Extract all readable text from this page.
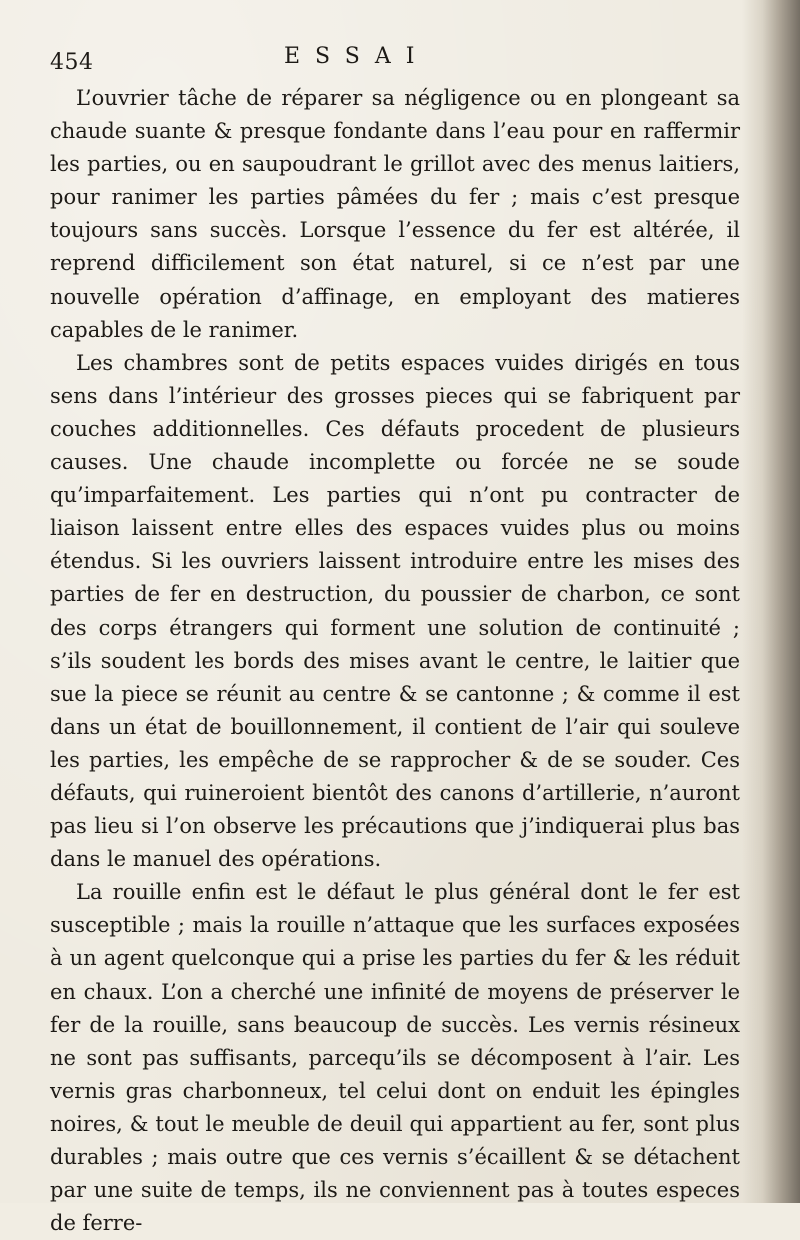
454	ESSAI

L’ouvrier tâche de réparer sa négligence ou en plongeant sa chaude suante & presque fondante dans l’eau pour en raffermir les parties, ou en saupoudrant le grillot avec des menus laitiers, pour ranimer les parties pâmées du fer ; mais c’est presque toujours sans succès. Lorsque l’essence du fer est altérée, il reprend difficilement son état naturel, si ce n’est par une nouvelle opération d’affinage, en employant des matieres capables de le ranimer.

Les chambres sont de petits espaces vuides dirigés en tous sens dans l’intérieur des grosses pieces qui se fabriquent par couches additionnelles. Ces défauts procedent de plusieurs causes. Une chaude incomplette ou forcée ne se soude qu’imparfaitement. Les parties qui n’ont pu contracter de liaison laissent entre elles des espaces vuides plus ou moins étendus. Si les ouvriers laissent introduire entre les mises des parties de fer en destruction, du poussier de charbon, ce sont des corps étrangers qui forment une solution de continuité ; s’ils soudent les bords des mises avant le centre, le laitier que sue la piece se réunit au centre & se cantonne ; & comme il est dans un état de bouillonnement, il contient de l’air qui souleve les parties, les empêche de se rapprocher & de se souder. Ces défauts, qui ruineroient bientôt des canons d’artillerie, n’auront pas lieu si l’on observe les précautions que j’indiquerai plus bas dans le manuel des opérations.

La rouille enfin est le défaut le plus général dont le fer est susceptible ; mais la rouille n’attaque que les surfaces exposées à un agent quelconque qui a prise les parties du fer & les réduit en chaux. L’on a cherché une infinité de moyens de préserver le fer de la rouille, sans beaucoup de succès. Les vernis résineux ne sont pas suffisants, parcequ’ils se décomposent à l’air. Les vernis gras charbonneux, tel celui dont on enduit les épingles noires, & tout le meuble de deuil qui appartient au fer, sont plus durables ; mais outre que ces vernis s’écaillent & se détachent par une suite de temps, ils ne conviennent pas à toutes especes de ferre-
